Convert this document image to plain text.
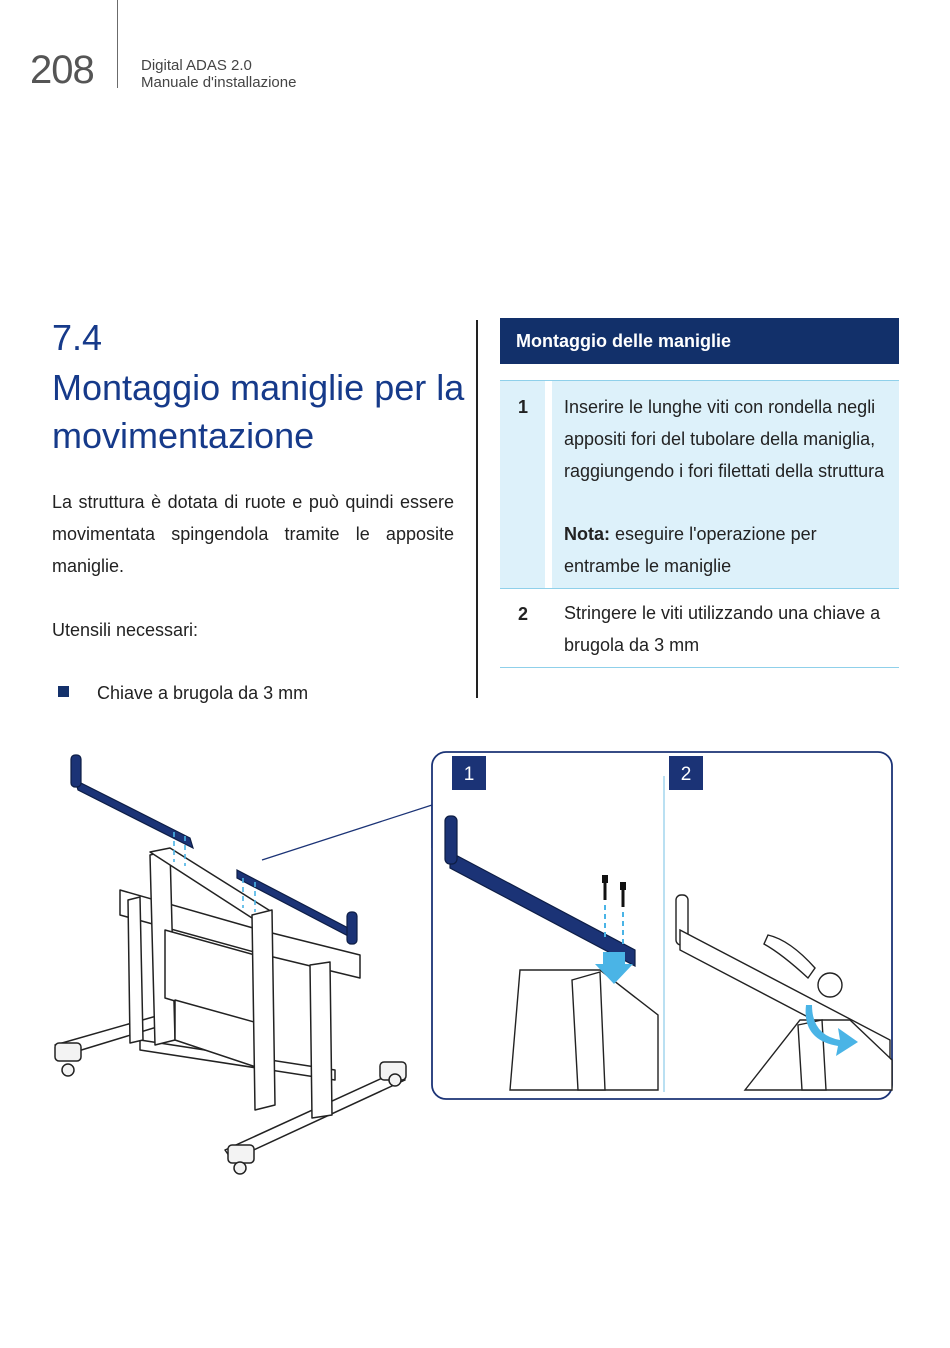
208	Digital ADAS 2.0
Manuale d'installazione
7.4
Montaggio maniglie per la movimentazione
La struttura è dotata di ruote e può quindi essere movimentata spingendola tramite le apposite maniglie.
Utensili necessari:
Chiave a brugola da 3 mm
Montaggio delle maniglie
1 Inserire le lunghe viti con rondella negli appositi fori del tubolare della maniglia, raggiungendo i fori filettati della struttura
Nota: eseguire l'operazione per entrambe le maniglie
2 Stringere le viti utilizzando una chiave a brugola da 3 mm
1	2
